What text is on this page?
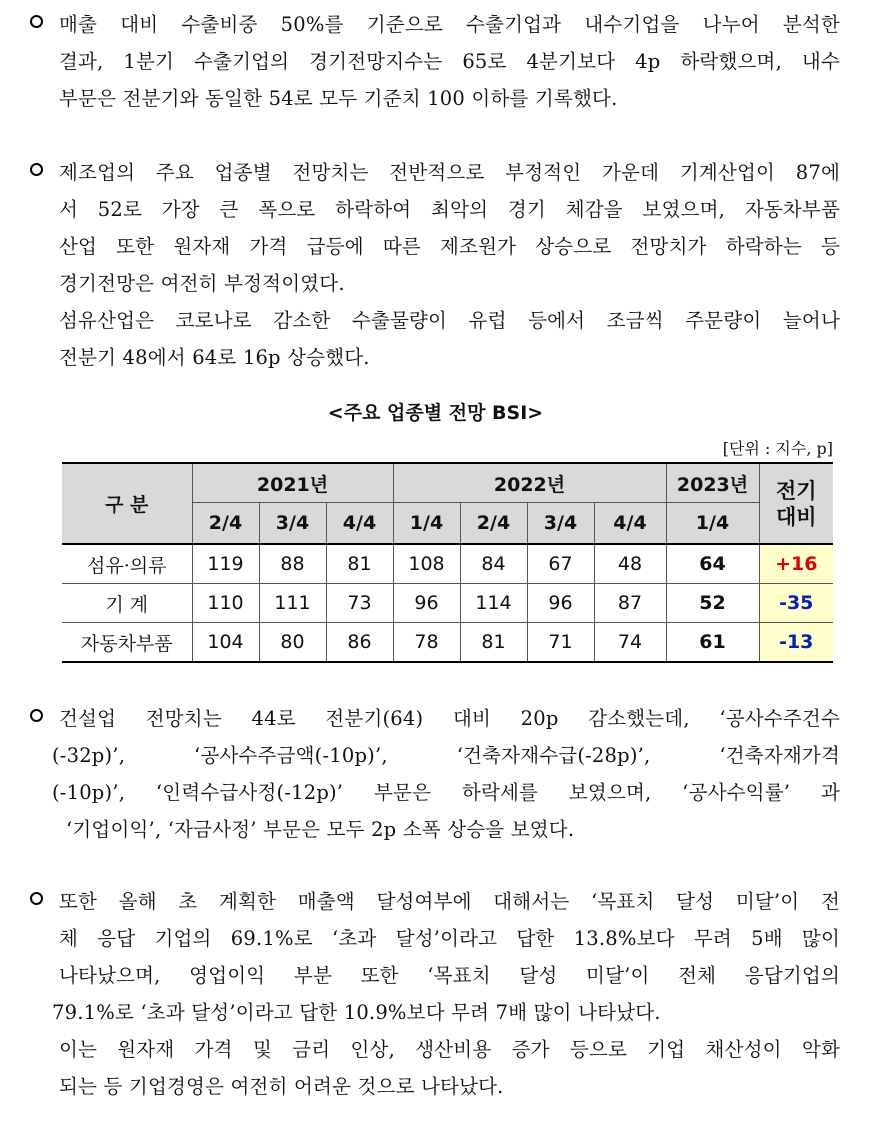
매출 대비 수출비중 50%를 기준으로 수출기업과 내수기업을 나누어 분석한
결과, 1분기 수출기업의 경기전망지수는 65로 4분기보다 4p 하락했으며, 내수
부문은 전분기와 동일한 54로 모두 기준치 100 이하를 기록했다.
제조업의 주요 업종별 전망치는 전반적으로 부정적인 가운데 기계산업이 87에
서 52로 가장 큰 폭으로 하락하여 최악의 경기 체감을 보였으며, 자동차부품
산업 또한 원자재 가격 급등에 따른 제조원가 상승으로 전망치가 하락하는 등
경기전망은 여전히 부정적이였다.
섬유산업은 코로나로 감소한 수출물량이 유럽 등에서 조금씩 주문량이 늘어나
전분기 48에서 64로 16p 상승했다.
<주요 업종별 전망 BSI>
[단위 : 지수, p]
구 분	2021년			2022년				2023년	전기
대비
	2/4	3/4	4/4	1/4	2/4	3/4	4/4	1/4	
섬유·의류	119	88	81	108	84	67	48	64	+16
기 계	110	111	73	96	114	96	87	52	-35
자동차부품	104	80	86	78	81	71	74	61	-13
건설업 전망치는 44로 전분기(64) 대비 20p 감소했는데, ‘공사수주건수
(-32p)’, ‘공사수주금액(-10p)’, ‘건축자재수급(-28p)’, ‘건축자재가격
(-10p)’, ‘인력수급사정(-12p)’ 부문은 하락세를 보였으며, ‘공사수익률’ 과
‘기업이익’, ‘자금사정’ 부문은 모두 2p 소폭 상승을 보였다.
또한 올해 초 계획한 매출액 달성여부에 대해서는 ‘목표치 달성 미달’이 전
체 응답 기업의 69.1%로 ‘초과 달성’이라고 답한 13.8%보다 무려 5배 많이
나타났으며, 영업이익 부분 또한 ‘목표치 달성 미달’이 전체 응답기업의
79.1%로 ‘초과 달성’이라고 답한 10.9%보다 무려 7배 많이 나타났다.
이는 원자재 가격 및 금리 인상, 생산비용 증가 등으로 기업 채산성이 악화
되는 등 기업경영은 여전히 어려운 것으로 나타났다.
